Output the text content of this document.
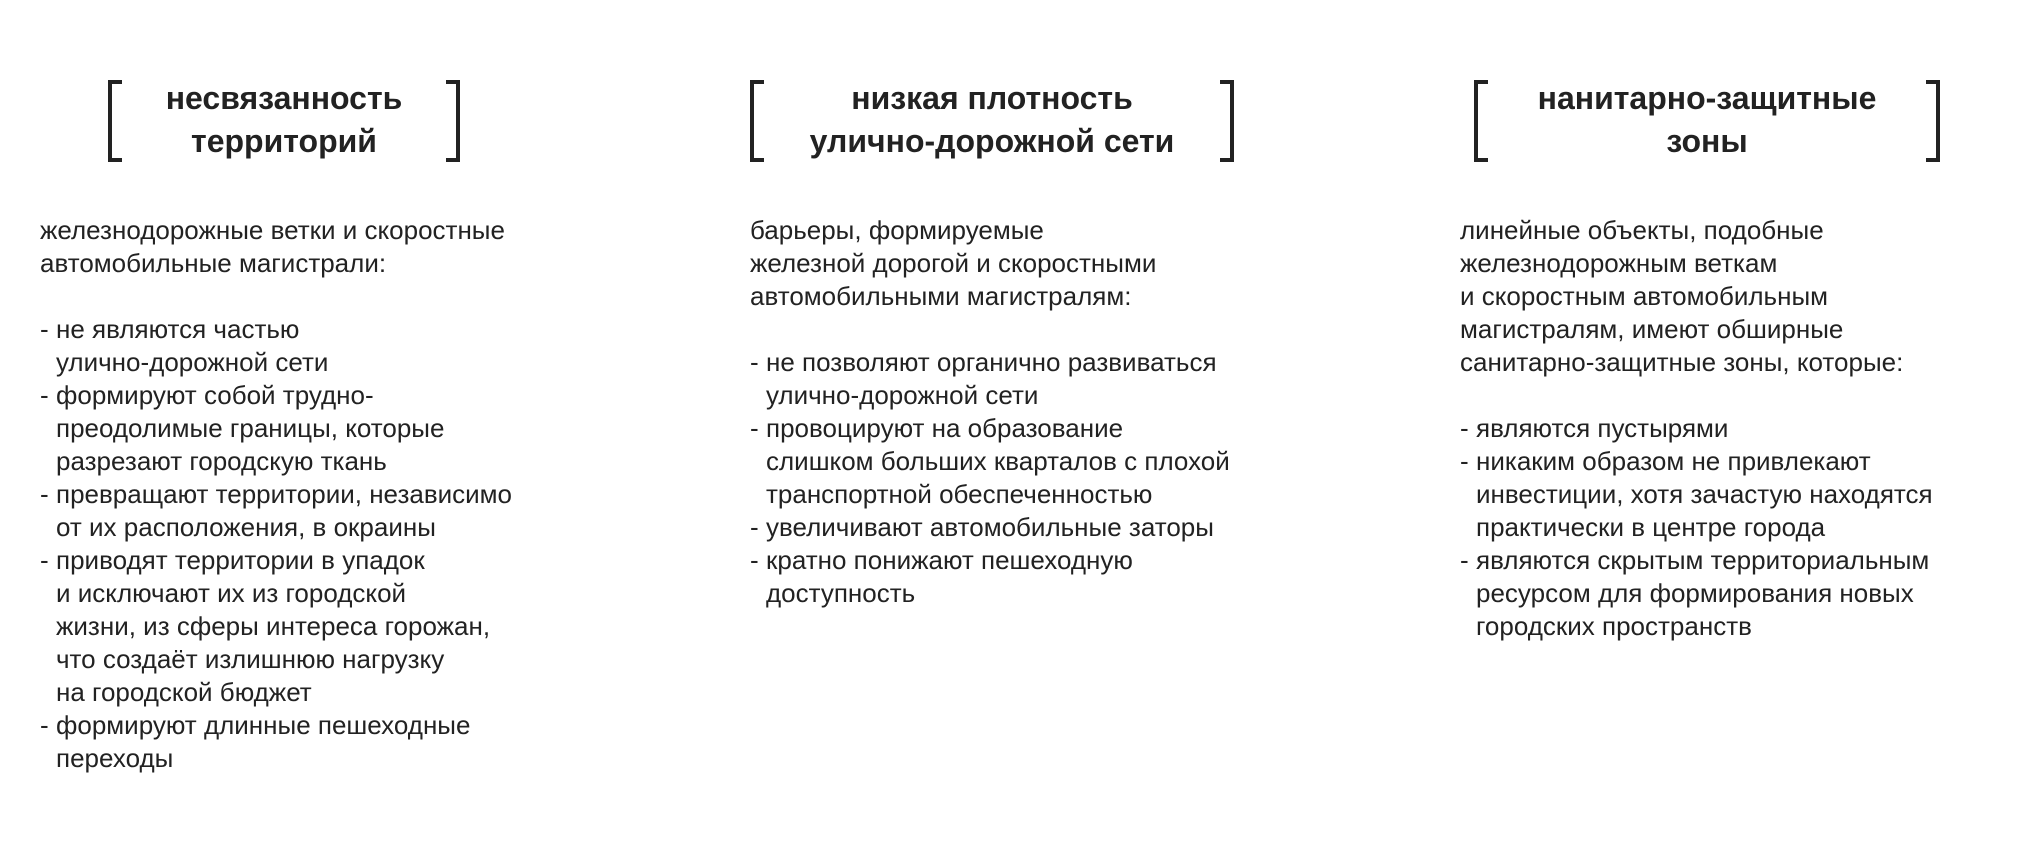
несвязанность
территорий
железнодорожные ветки и скоростные
автомобильные магистрали:
- не являются частью
улично-дорожной сети
- формируют собой трудно-
преодолимые границы, которые
разрезают городскую ткань
- превращают территории, независимо
от их расположения, в окраины
- приводят территории в упадок
и исключают их из городской
жизни, из сферы интереса горожан,
что создаёт излишнюю нагрузку
на городской бюджет
- формируют длинные пешеходные
переходы
низкая плотность
улично-дорожной сети
барьеры, формируемые
железной дорогой и скоростными
автомобильными магистралям:
- не позволяют органично развиваться
улично-дорожной сети
- провоцируют на образование
слишком больших кварталов с плохой
транспортной обеспеченностью
- увеличивают автомобильные заторы
- кратно понижают пешеходную
доступность
нанитарно-защитные
зоны
линейные объекты, подобные
железнодорожным веткам
и скоростным автомобильным
магистралям, имеют обширные
санитарно-защитные зоны, которые:
- являются пустырями
- никаким образом не привлекают
инвестиции, хотя зачастую находятся
практически в центре города
- являются скрытым территориальным
ресурсом для формирования новых
городских пространств
